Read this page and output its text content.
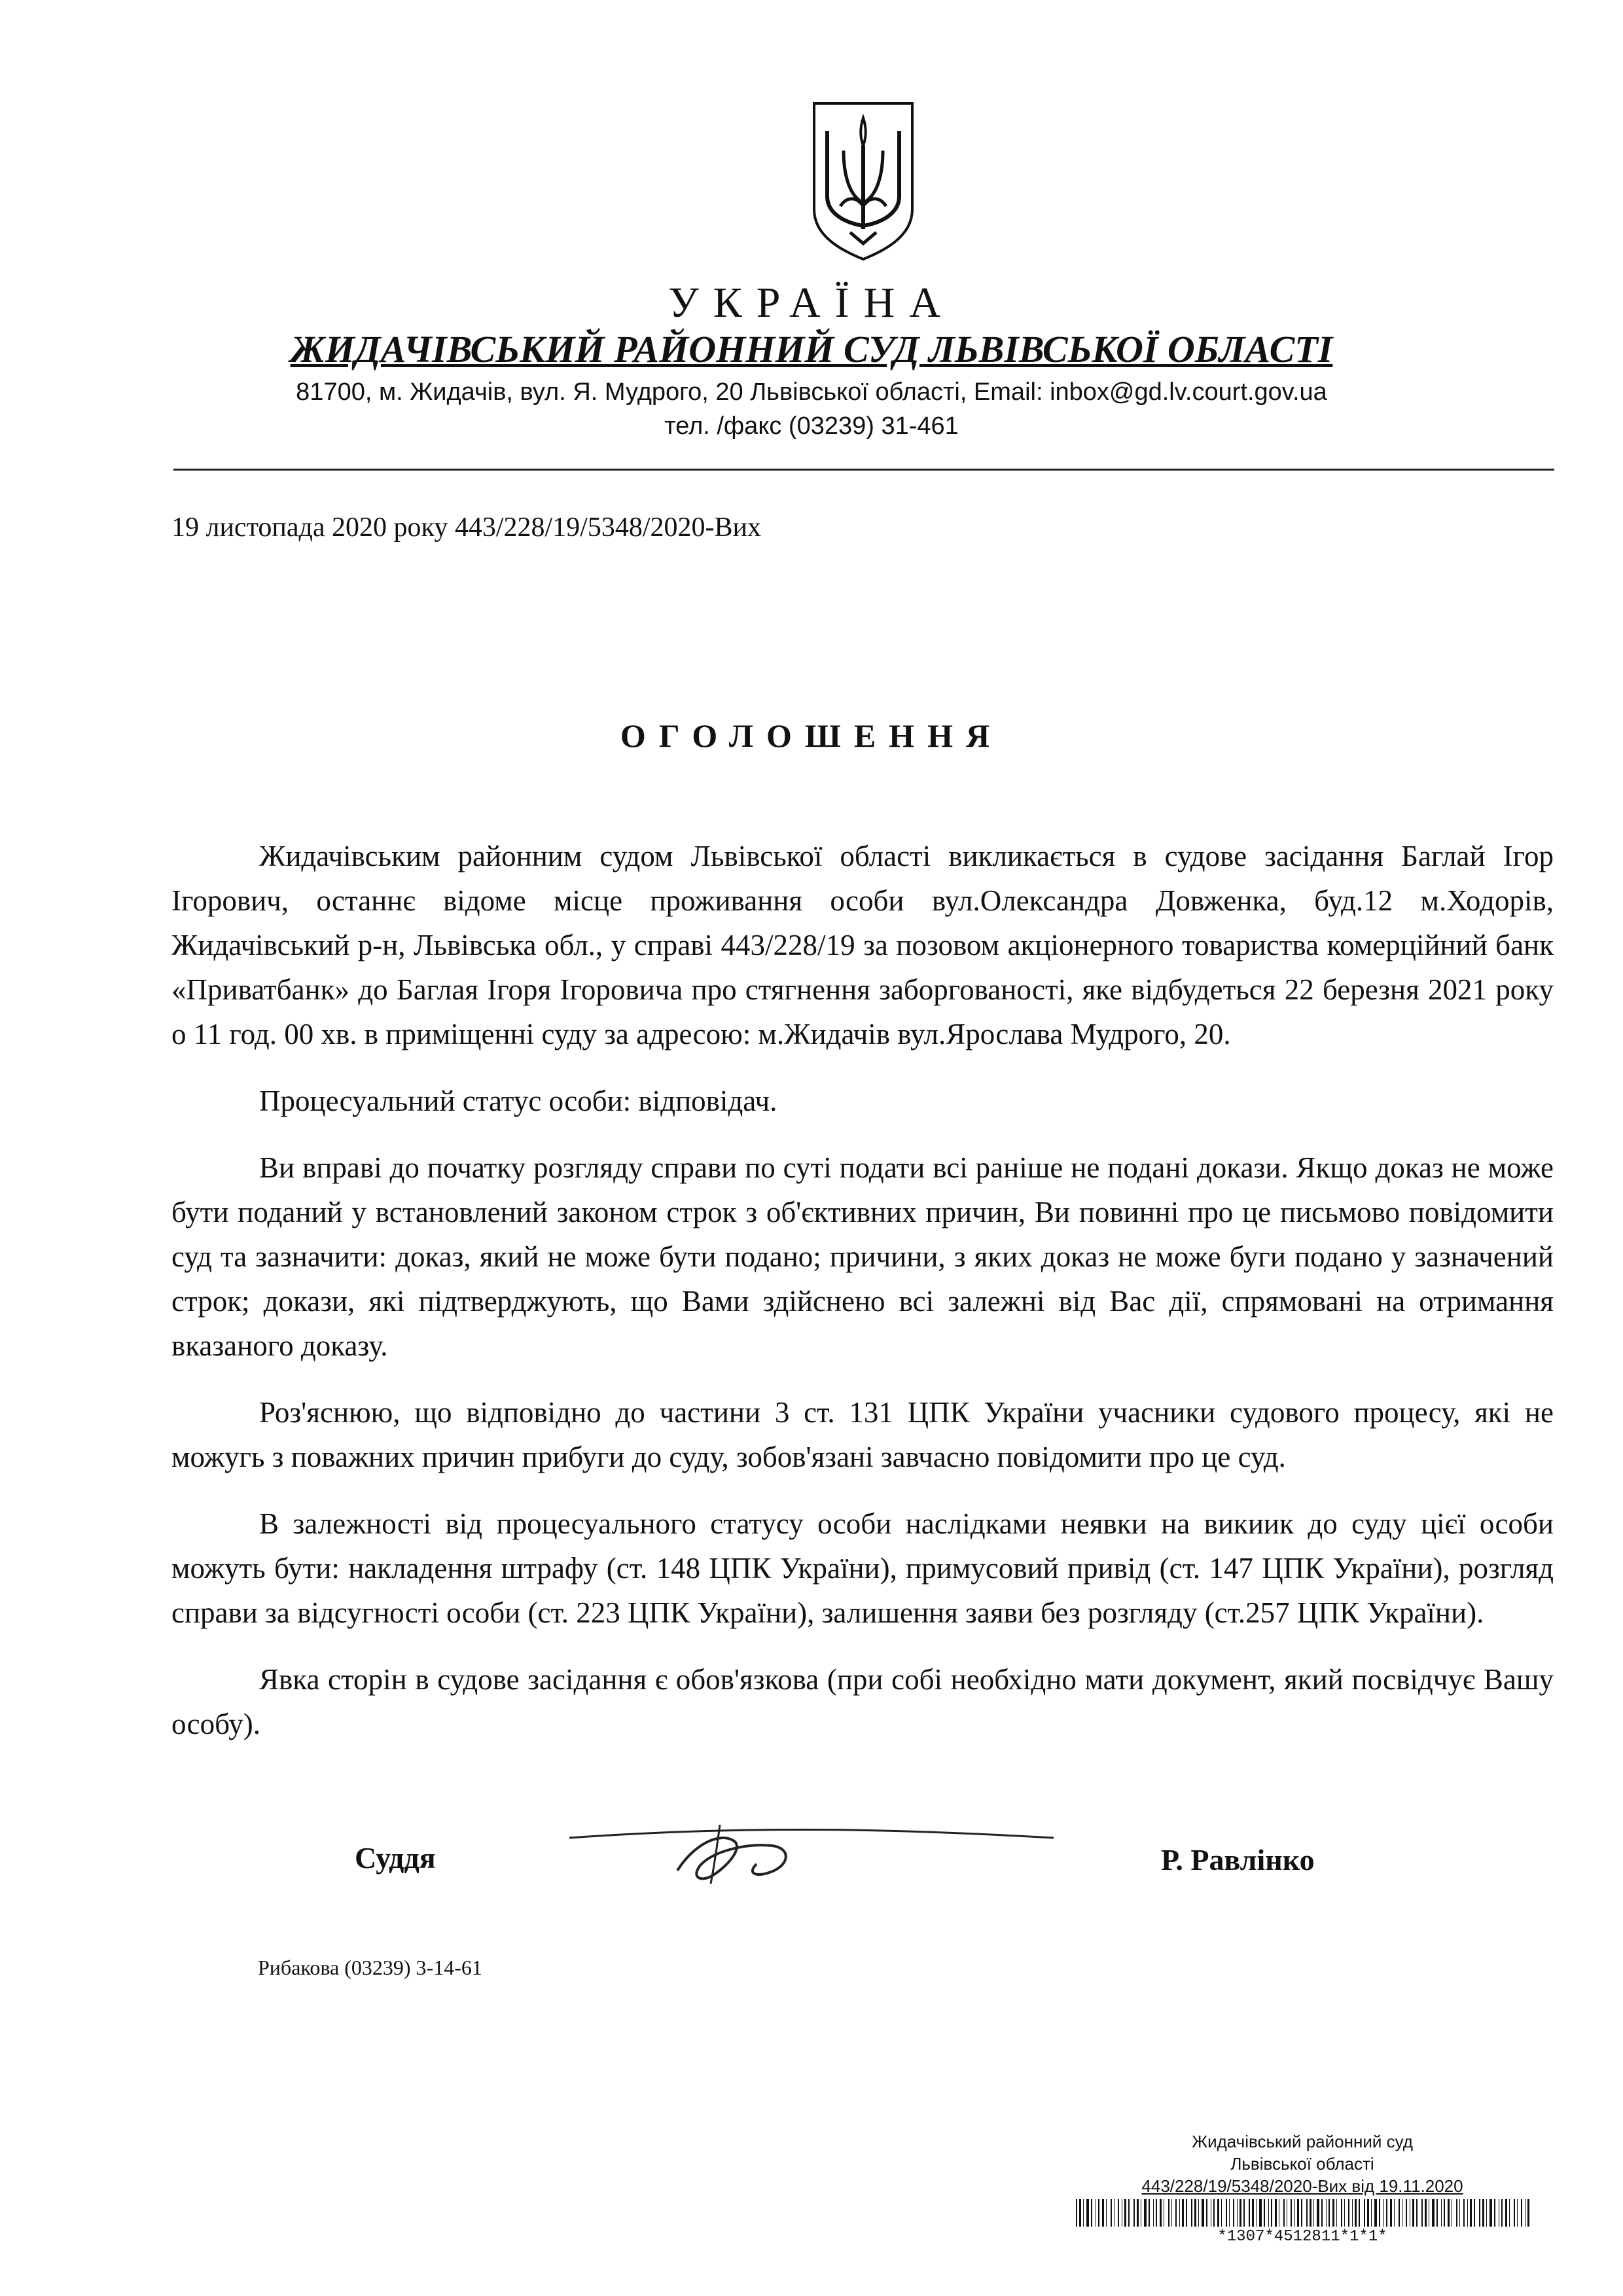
УКРАЇНА
ЖИДАЧІВСЬКИЙ РАЙОННИЙ СУД ЛЬВІВСЬКОЇ ОБЛАСТІ
81700, м. Жидачів, вул. Я. Мудрого, 20 Львівської області, Email: inbox@gd.lv.court.gov.ua
тел. /факс (03239) 31-461
19 листопада 2020 року 443/228/19/5348/2020-Вих
ОГОЛОШЕННЯ

Жидачівським районним судом Львівської області викликається в судове засідання Баглай Ігор Ігорович, останнє відоме місце проживання особи вул.Олександра Довженка, буд.12 м.Ходорів, Жидачівський р-н, Львівська обл., у справі 443/228/19 за позовом акціонерного товариства комерційний банк «Приватбанк» до Баглая Ігоря Ігоровича про стягнення заборгованості, яке відбудеться 22 березня 2021 року о 11 год. 00 хв. в приміщенні суду за адресою: м.Жидачів вул.Ярослава Мудрого, 20.

Процесуальний статус особи: відповідач.

Ви вправі до початку розгляду справи по суті подати всі раніше не подані докази. Якщо доказ не може бути поданий у встановлений законом строк з об'єктивних причин, Ви повинні про це письмово повідомити суд та зазначити: доказ, який не може бути подано; причини, з яких доказ не може буги подано у зазначений строк; докази, які підтверджують, що Вами здійснено всі залежні від Вас дії, спрямовані на отримання вказаного доказу.

Роз'яснюю, що відповідно до частини 3 ст. 131 ЦПК України учасники судового процесу, які не можугь з поважних причин прибуги до суду, зобов'язані завчасно повідомити про це суд.

В залежності від процесуального статусу особи наслідками неявки на викиик до суду цієї особи можуть бути: накладення штрафу (ст. 148 ЦПК України), примусовий привід (ст. 147 ЦПК України), розгляд справи за відсугності особи (ст. 223 ЦПК України), залишення заяви без розгляду (ст.257 ЦПК України).

Явка сторін в судове засідання є обов'язкова (при собі необхідно мати документ, який посвідчує Вашу особу).

Суддя	Р. Равлінко
Рибакова (03239) 3-14-61
Жидачівський районний суд
Львівської області
443/228/19/5348/2020-Вих від 19.11.2020
*1307*4512811*1*1*
